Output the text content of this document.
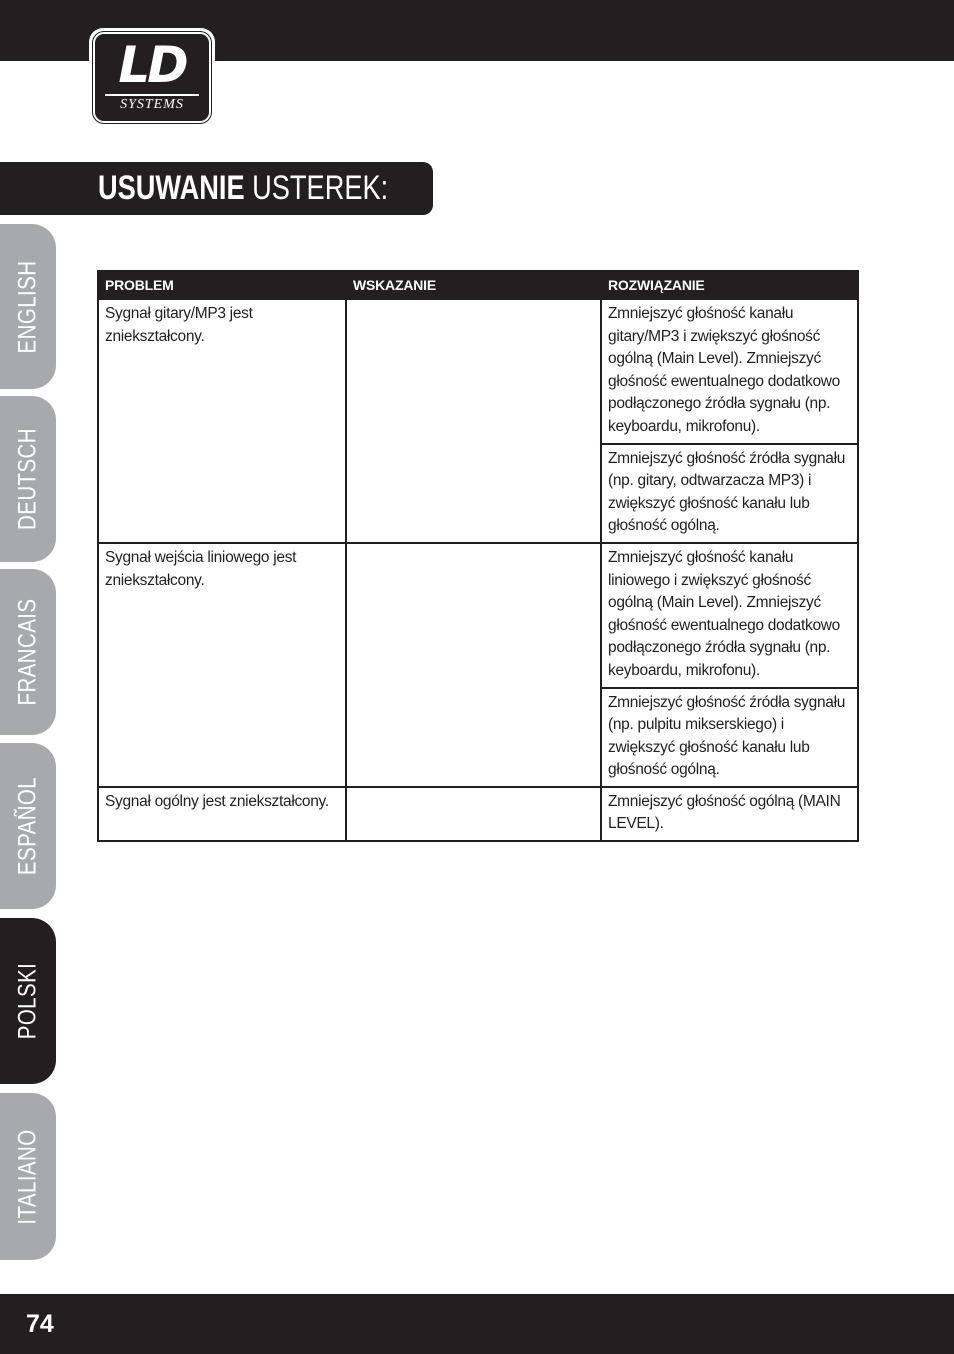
LD
SYSTEMS
USUWANIE USTEREK:
ENGLISH
DEUTSCH
FRANCAIS
ESPAÑOL
POLSKI
ITALIANO
PROBLEM	WSKAZANIE	ROZWIĄZANIE
Sygnał gitary/MP3 jest zniekształcony.		Zmniejszyć głośność kanału gitary/MP3 i zwiększyć głośność ogólną (Main Level). Zmniejszyć głośność ewentualnego dodatkowo podłączonego źródła sygnału (np. keyboardu, mikrofonu).
		Zmniejszyć głośność źródła sygnału (np. gitary, odtwarzacza MP3) i zwiększyć głośność kanału lub głośność ogólną.
Sygnał wejścia liniowego jest zniekształcony.		Zmniejszyć głośność kanału liniowego i zwiększyć głośność ogólną (Main Level). Zmniejszyć głośność ewentualnego dodatkowo podłączonego źródła sygnału (np. keyboardu, mikrofonu).
		Zmniejszyć głośność źródła sygnału (np. pulpitu mikserskiego) i zwiększyć głośność kanału lub głośność ogólną.
Sygnał ogólny jest zniekształcony.		Zmniejszyć głośność ogólną (MAIN LEVEL).
74
